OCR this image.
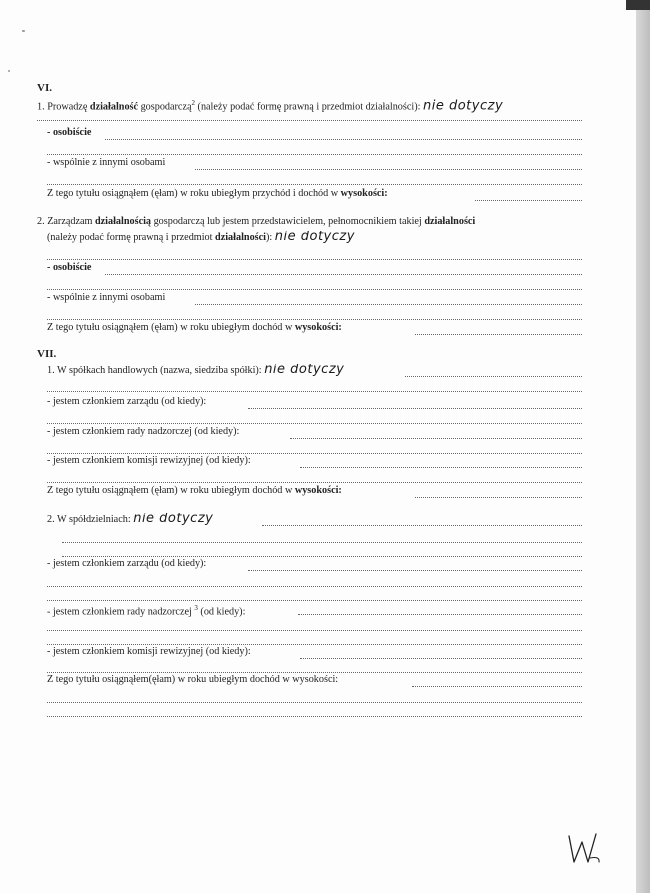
VI.
1. Prowadzę działalność gospodarczą$^2$ (należy podać formę prawną i przedmiot działalności): nie dotyczy
- osobiście
- wspólnie z innymi osobami
Z tego tytułu osiągnąłem (ęłam) w roku ubiegłym przychód i dochód w wysokości:
2. Zarządzam działalnością gospodarczą lub jestem przedstawicielem, pełnomocnikiem takiej działalności
(należy podać formę prawną i przedmiot działalności): nie dotyczy
- osobiście
- wspólnie z innymi osobami
Z tego tytułu osiągnąłem (ęłam) w roku ubiegłym dochód w wysokości:
VII.
1. W spółkach handlowych (nazwa, siedziba spółki): nie dotyczy
- jestem członkiem zarządu (od kiedy):
- jestem członkiem rady nadzorczej (od kiedy):
- jestem członkiem komisji rewizyjnej (od kiedy):
Z tego tytułu osiągnąłem (ęłam) w roku ubiegłym dochód w wysokości:
2. W spółdzielniach: nie dotyczy
- jestem członkiem zarządu (od kiedy):
- jestem członkiem rady nadzorczej $^3$ (od kiedy):
- jestem członkiem komisji rewizyjnej (od kiedy):
Z tego tytułu osiągnąłem(ęłam) w roku ubiegłym dochód w wysokości:
